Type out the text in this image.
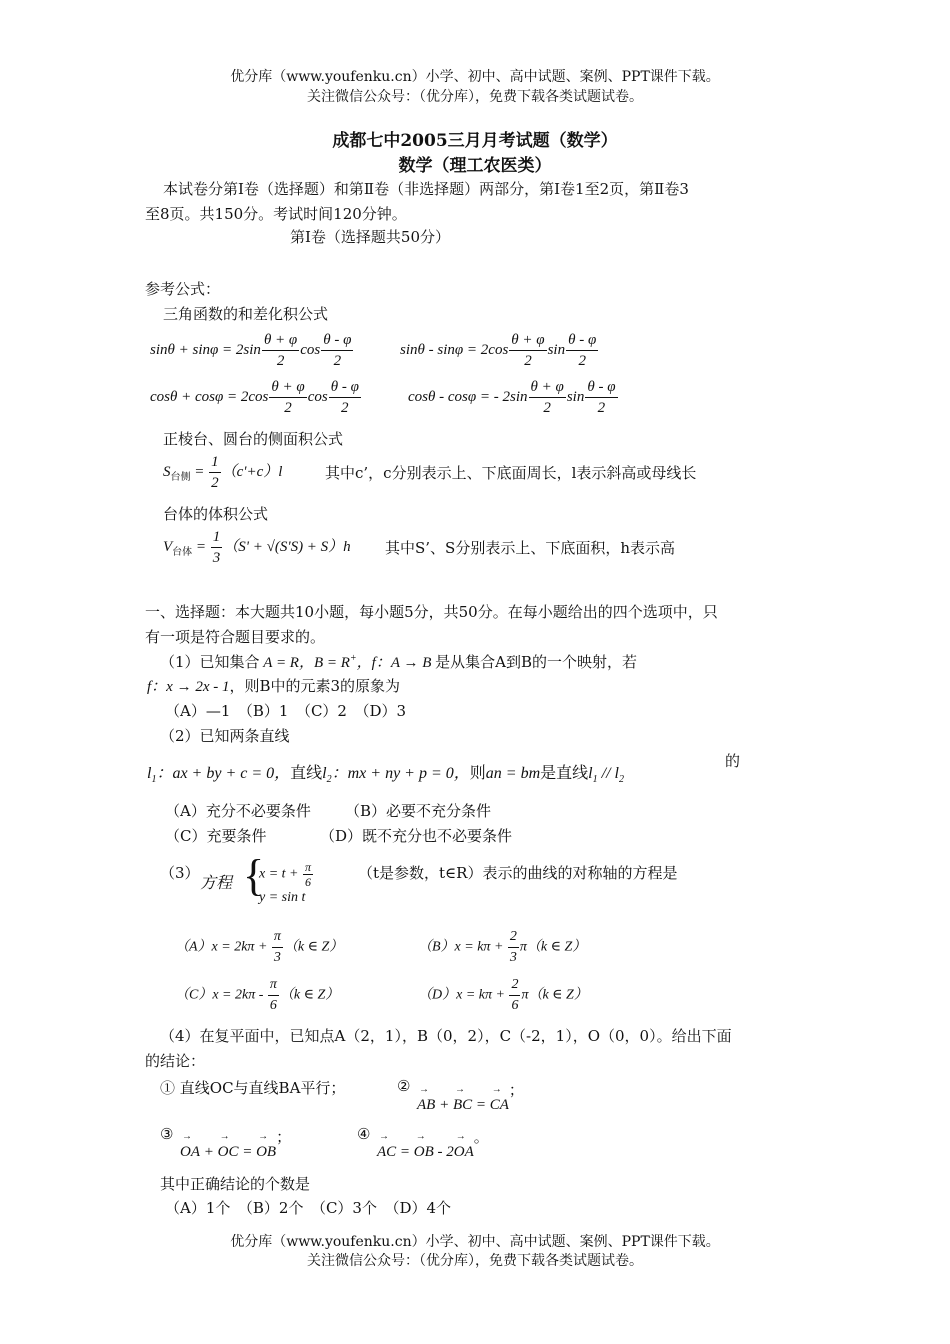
优分库（www.youfenku.cn）小学、初中、高中试题、案例、PPT课件下载。
关注微信公众号：（优分库），免费下载各类试题试卷。
成都七中2005三月月考试题（数学）
数学（理工农医类）
本试卷分第Ⅰ卷（选择题）和第Ⅱ卷（非选择题）两部分，第Ⅰ卷1至2页，第Ⅱ卷3
至8页。共150分。考试时间120分钟。
第Ⅰ卷（选择题共50分）
参考公式：
三角函数的和差化积公式
$\sin\theta + \sin\varphi = 2\sin \frac{\theta + \varphi}{2}$ $\cos \frac{\theta - \varphi}{2}$	$\sin\theta - \sin\varphi = 2\cos \frac{\theta + \varphi}{2}$ $\sin \frac{\theta - \varphi}{2}$
$\cos\theta + \cos\varphi = 2\cos \frac{\theta + \varphi}{2}$ $\cos \frac{\theta - \varphi}{2}$	cosθ - cosφ = - $2\sin \frac{\theta + \varphi}{2}$ $\sin \frac{\theta - \varphi}{2}$
正棱台、圆台的侧面积公式
$S_{台侧} = \frac{1}{2} (c'+c)l$	其中c’，c分别表示上、下底面周长，l表示斜高或母线长
台体的体积公式
$V_{台体} = \frac{1}{3} (S' + √(S'S) + S)h$ 其中S’、S分别表示上、下底面积，h表示高
一、选择题：本大题共10小题，每小题5分，共50分。在每小题给出的四个选项中，只
有一项是符合题目要求的。
（1）已知集合 A = R，B = R+，f：A → B 是从集合A到B的一个映射，若
f：x → 2x - 1，则B中的元素3的原象为
（A）—1　（B）1　（C）2　（D）3
（2）已知两条直线
$l_1$：ax + by + c = 0，直线$l_2$：mx + ny + p = 0，则an = bm是直线$l_1 // l_2$
的
（A）充分不必要条件 （B）必要不充分条件
（C）充要条件	（D）既不充分也不必要条件
（3） 方程 {
$x = t + \frac{\pi}{6}$
y = sin t
（t是参数，t∈R）表示的曲线的对称轴的方程是
$(A)x = 2k\pi + \frac{\pi}{3} (k$ ∈ Z）	$(B)x = k\pi + \frac{2}{3} \pi(k$ ∈ Z）
$(C)x = 2k\pi - \frac{\pi}{6} (k$ ∈ Z）	$(D)x = k\pi + \frac{2}{6} \pi(k$ ∈ Z）
（4）在复平面中，已知点A（2，1），B（0，2），C（-2，1），O（0，0）。给出下面
的结论：
① 直线OC与直线BA平行；	②
→ AB + → BC = → CA；
③
→ OA + → OC = → OB；	④
→ AC = → OB - 2→ OA。
其中正确结论的个数是
（A）1个　（B）2个　（C）3个　（D）4个
优分库（www.youfenku.cn）小学、初中、高中试题、案例、PPT课件下载。
关注微信公众号：（优分库），免费下载各类试题试卷。
